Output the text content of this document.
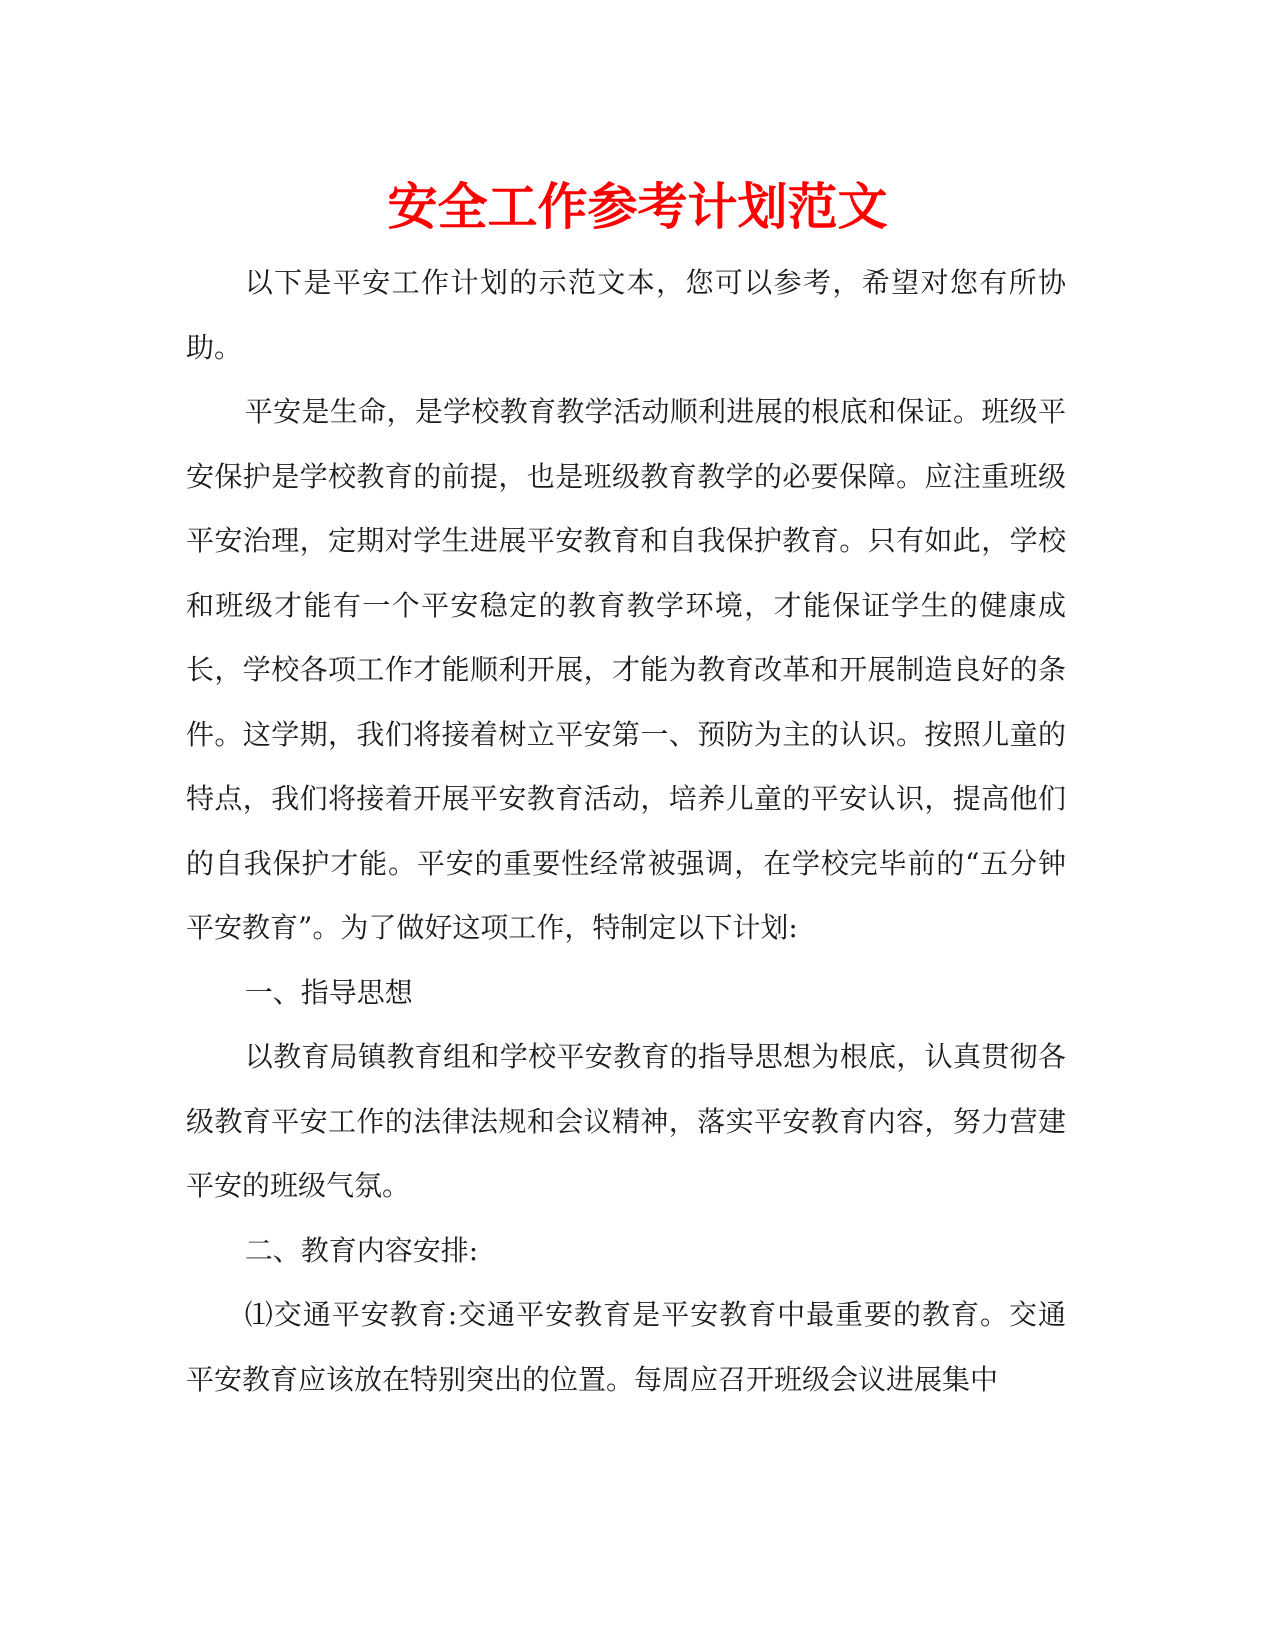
安全工作参考计划范文

以下是平安工作计划的示范文本，您可以参考，希望对您有所协助。

平安是生命，是学校教育教学活动顺利进展的根底和保证。班级平安保护是学校教育的前提，也是班级教育教学的必要保障。应注重班级平安治理，定期对学生进展平安教育和自我保护教育。只有如此，学校和班级才能有一个平安稳定的教育教学环境，才能保证学生的健康成长，学校各项工作才能顺利开展，才能为教育改革和开展制造良好的条件。这学期，我们将接着树立平安第一、预防为主的认识。按照儿童的特点，我们将接着开展平安教育活动，培养儿童的平安认识，提高他们的自我保护才能。平安的重要性经常被强调，在学校完毕前的“五分钟平安教育”。为了做好这项工作，特制定以下计划:

一、指导思想

以教育局镇教育组和学校平安教育的指导思想为根底，认真贯彻各级教育平安工作的法律法规和会议精神，落实平安教育内容，努力营建平安的班级气氛。

二、教育内容安排:

⑴交通平安教育:交通平安教育是平安教育中最重要的教育。交通平安教育应该放在特别突出的位置。每周应召开班级会议进展集中
